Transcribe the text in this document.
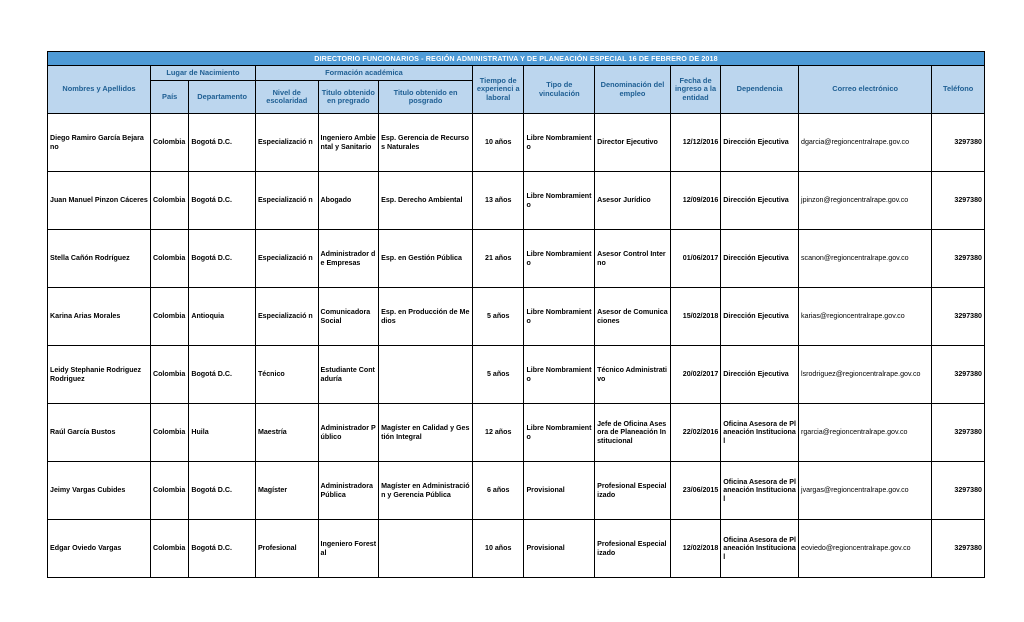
DIRECTORIO FUNCIONARIOS - REGIÓN ADMINISTRATIVA Y DE PLANEACIÓN ESPECIAL 16 DE FEBRERO DE 2018												
Nombres y Apellidos	Lugar de Nacimiento		Formación académica			Tiempo de experienci a laboral	Tipo de vinculación	Denominación del empleo	Fecha de ingreso a la entidad	Dependencia	Correo electrónico	Teléfono
	País	Departamento	Nivel de escolaridad	Titulo obtenido en pregrado	Titulo obtenido en posgrado							
Diego Ramiro García Bejarano	Colombia	Bogotá D.C.	Especializació n	Ingeniero Ambiental y Sanitario	Esp. Gerencia de Recursos Naturales	10 años	Libre Nombramiento	Director Ejecutivo	12/12/2016	Dirección Ejecutiva	dgarcia@regioncentralrape.gov.co	3297380
Juan Manuel Pinzon Cáceres	Colombia	Bogotá D.C.	Especializació n	Abogado	Esp. Derecho Ambiental	13 años	Libre Nombramiento	Asesor Jurídico	12/09/2016	Dirección Ejecutiva	jpinzon@regioncentralrape.gov.co	3297380
Stella Cañón Rodríguez	Colombia	Bogotá D.C.	Especializació n	Administrador de Empresas	Esp. en Gestión Pública	21 años	Libre Nombramiento	Asesor Control Interno	01/06/2017	Dirección Ejecutiva	scanon@regioncentralrape.gov.co	3297380
Karina Arias Morales	Colombia	Antioquia	Especializació n	Comunicadora Social	Esp. en Producción de Medios	5 años	Libre Nombramiento	Asesor de Comunicaciones	15/02/2018	Dirección Ejecutiva	karias@regioncentralrape.gov.co	3297380
Leidy Stephanie Rodriguez Rodriguez	Colombia	Bogotá D.C.	Técnico	Estudiante Contaduría		5 años	Libre Nombramiento	Técnico Administrativo	20/02/2017	Dirección Ejecutiva	lsrodriguez@regioncentralrape.gov.co	3297380
Raúl García Bustos	Colombia	Huila	Maestría	Administrador Público	Magíster en Calidad y Gestión Integral	12 años	Libre Nombramiento	Jefe de Oficina Asesora de Planeación Institucional	22/02/2016	Oficina Asesora de Planeación Institucional	rgarcia@regioncentralrape.gov.co	3297380
Jeimy Vargas Cubides	Colombia	Bogotá D.C.	Magíster	Administradora Pública	Magíster en Administración y Gerencia Pública	6 años	Provisional	Profesional Especializado	23/06/2015	Oficina Asesora de Planeación Institucional	jvargas@regioncentralrape.gov.co	3297380
Edgar Oviedo Vargas	Colombia	Bogotá D.C.	Profesional	Ingeniero Forestal		10 años	Provisional	Profesional Especializado	12/02/2018	Oficina Asesora de Planeación Institucional	eoviedo@regioncentralrape.gov.co	3297380
